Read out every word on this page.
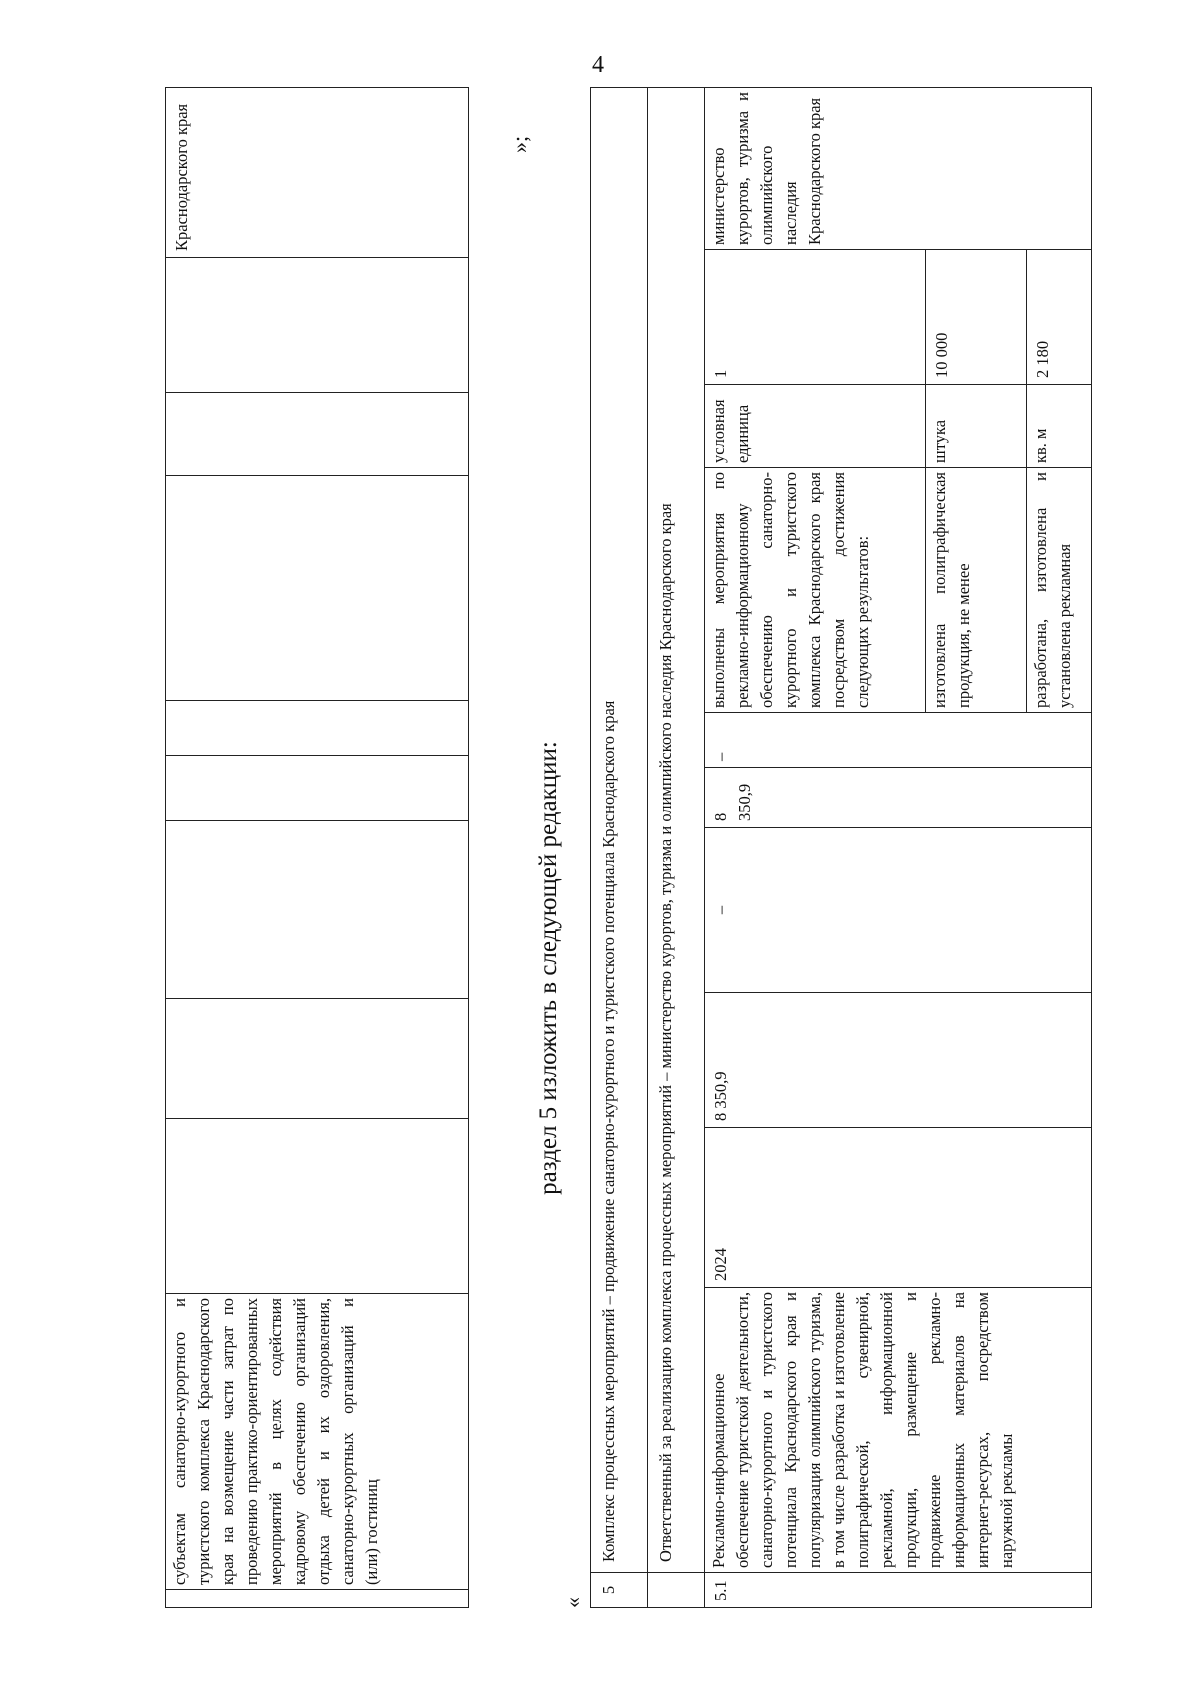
4
	субъектам санаторно-курортного и туристского комплекса Краснодарского края на возмещение части затрат по проведению практико-ориентированных мероприятий в целях содействия кадровому обеспечению организаций отдыха детей и их оздоровления, санаторно-курортных организаций и (или) гостиниц									Краснодарского края	»;
раздел 5 изложить в следующей редакции:
«
5	Комплекс процессных мероприятий – продвижение санаторно-курортного и туристского потенциала Краснодарского края									
	Ответственный за реализацию комплекса процессных мероприятий – министерство курортов, туризма и олимпийского наследия Краснодарского края									
5.1	Рекламно-информационное обеспечение туристской деятельности, санаторно-курортного и туристского потенциала Краснодарского края и популяризация олимпийского туризма, в том числе разработка и изготовление полиграфической, сувенирной, рекламной, информационной продукции, размещение и продвижение рекламно-информационных материалов на интернет-ресурсах, посредством наружной рекламы	2024	8 350,9	–	8 350,9	–	выполнены мероприятия по рекламно-информационному обеспечению санаторно-курортного и туристского комплекса Краснодарского края посредством достижения следующих результатов:	условная единица	1	министерство курортов, туризма и олимпийского наследия Краснодарского края
							изготовлена полиграфическая продукция, не менее	штука	10 000	
							разработана, изготовлена и установлена рекламная	кв. м	2 180	
